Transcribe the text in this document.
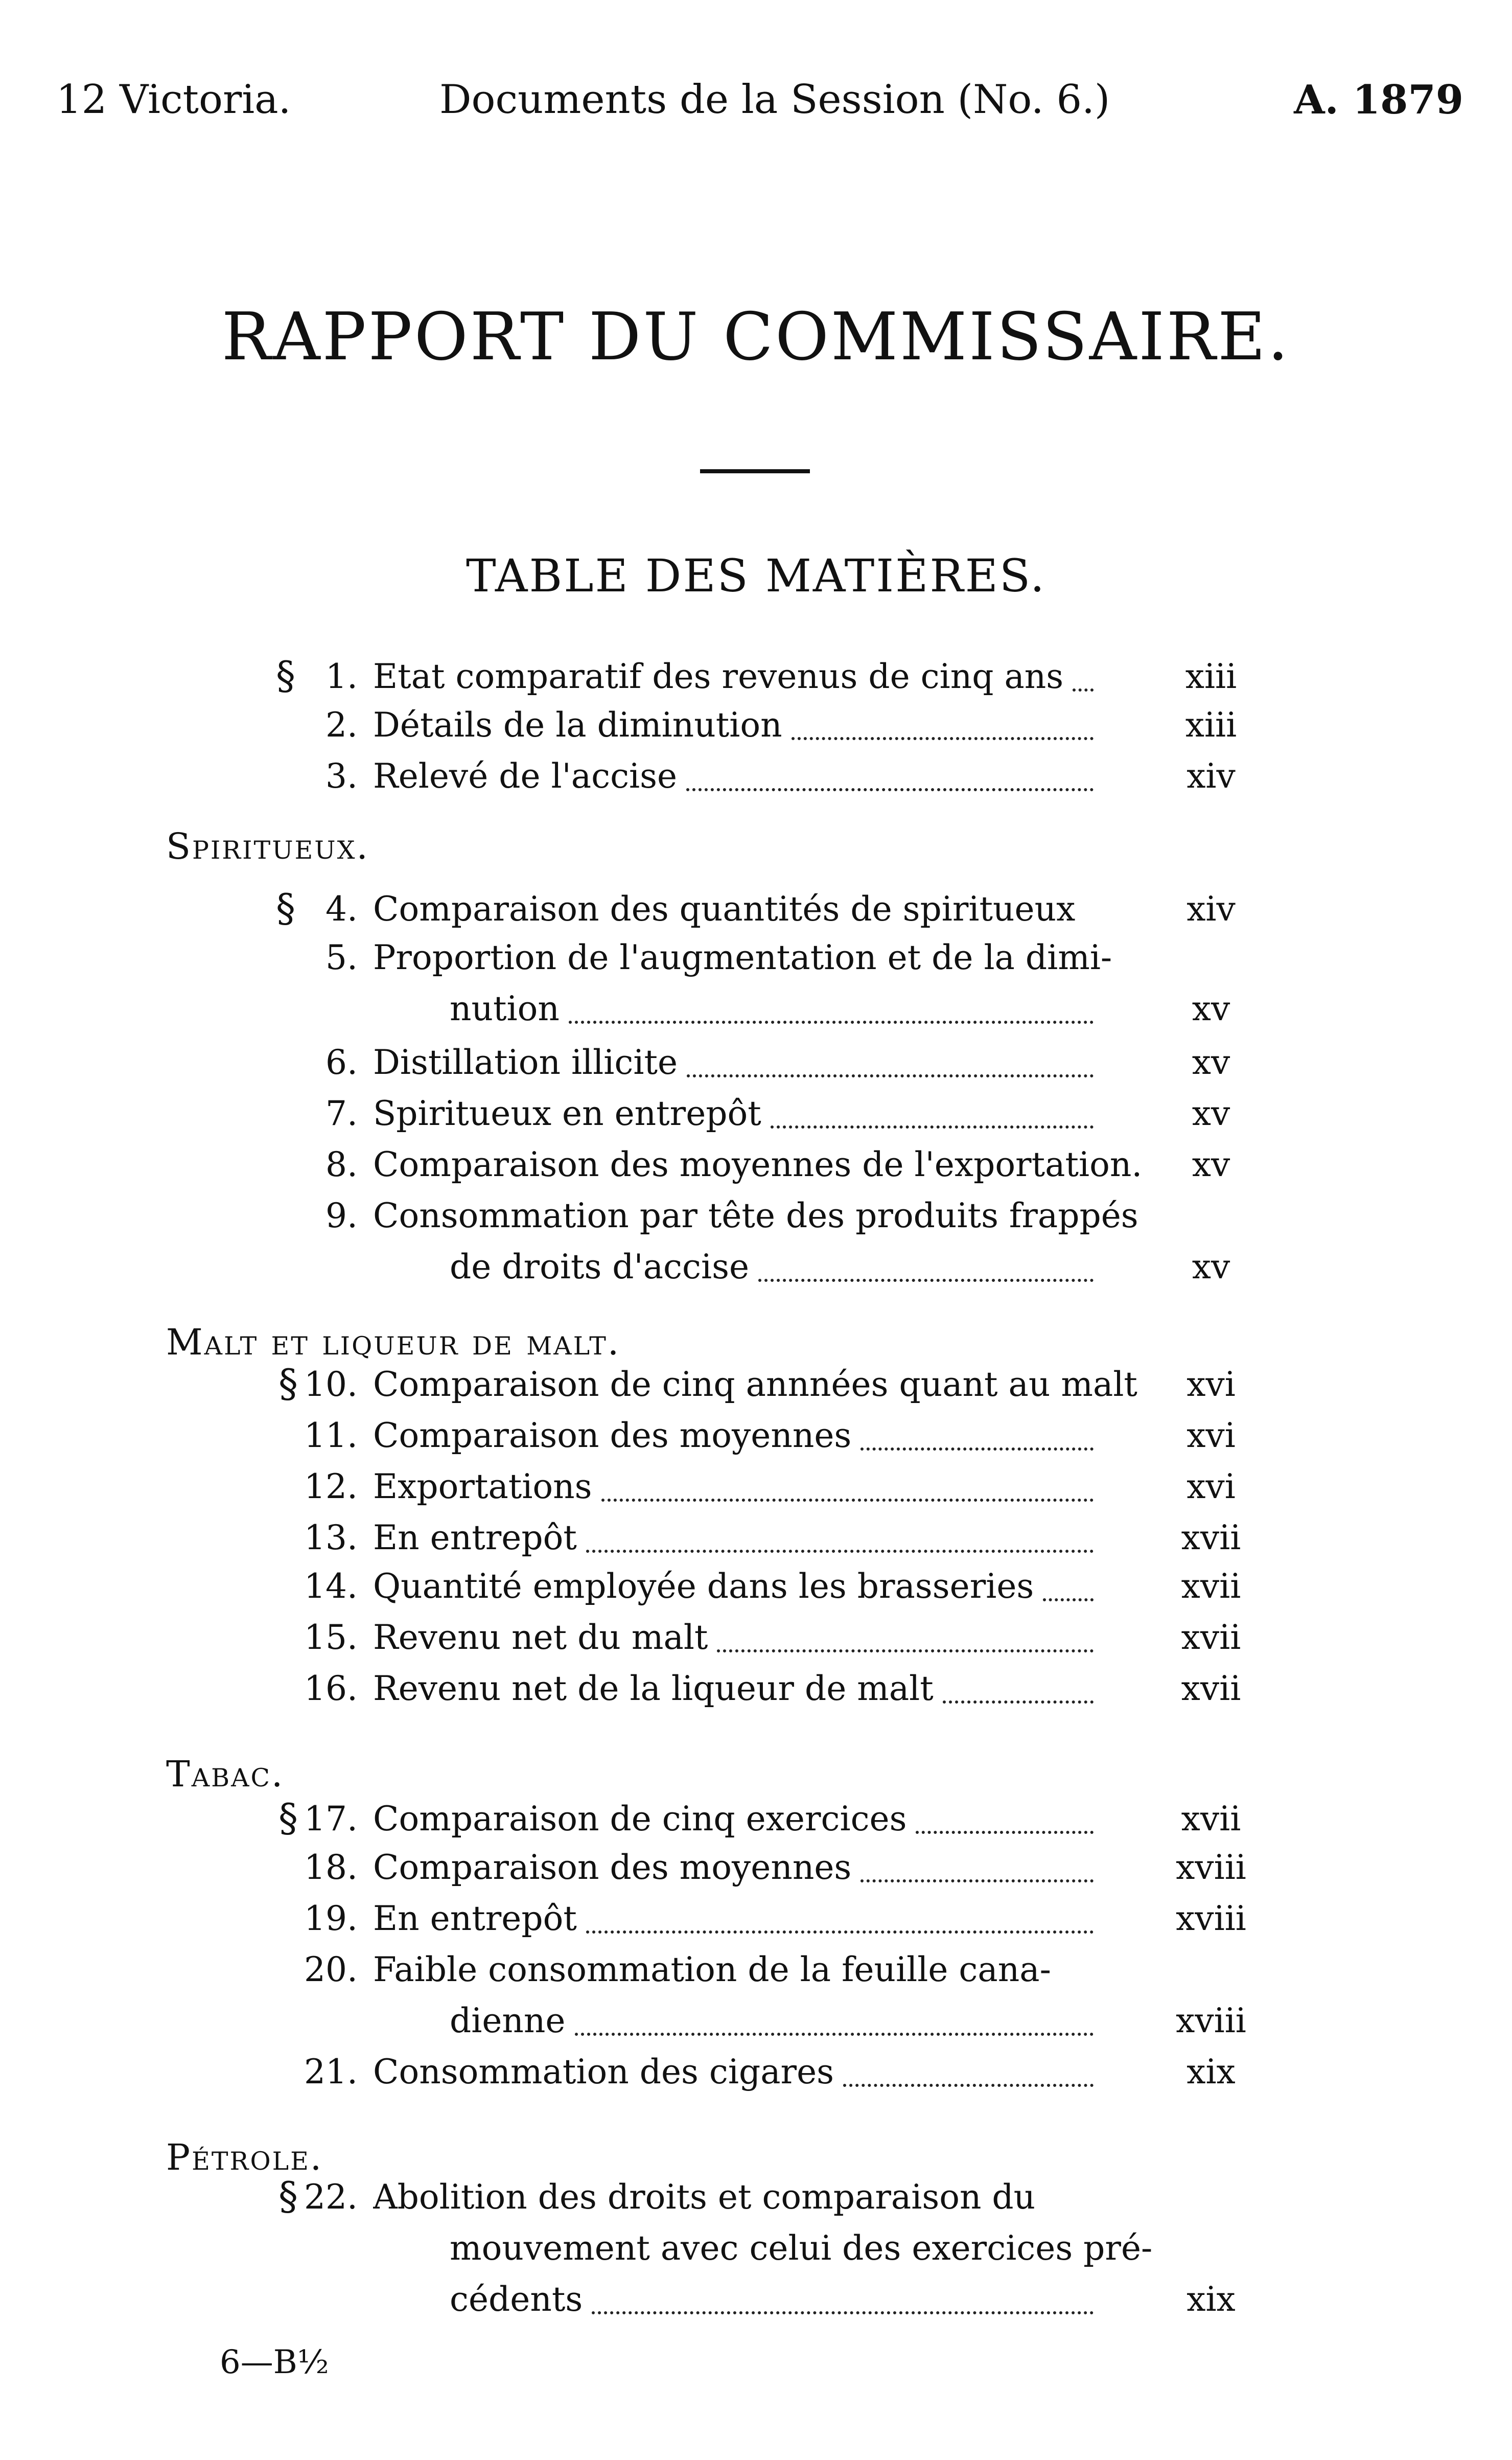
12 Victoria.	Documents de la Session (No. 6.)	A. 1879
RAPPORT DU COMMISSAIRE.
TABLE DES MATIÈRES.
Spiritueux.
Malt et liqueur de malt.
Tabac.
Pétrole.
§ 1. Etat comparatif des revenus de cinq ans	xiii
2. Détails de la diminution	xiii
3. Relevé de l'accise	xiv
§ 4. Comparaison des quantités de spiritueux	xiv
5. Proportion de l'augmentation et de la dimi-
nution	xv
6. Distillation illicite	xv
7. Spiritueux en entrepôt	xv
8. Comparaison des moyennes de l'exportation.	xv
9. Consommation par tête des produits frappés
de droits d'accise	xv
§ 10. Comparaison de cinq annnées quant au malt	xvi
11. Comparaison des moyennes	xvi
12. Exportations	xvi
13. En entrepôt	xvii
14. Quantité employée dans les brasseries	xvii
15. Revenu net du malt	xvii
16. Revenu net de la liqueur de malt	xvii
§ 17. Comparaison de cinq exercices	xvii
18. Comparaison des moyennes	xviii
19. En entrepôt	xviii
20. Faible consommation de la feuille cana-
dienne	xviii
21. Consommation des cigares	xix
§ 22. Abolition des droits et comparaison du
mouvement avec celui des exercices pré-
cédents	xix
6—B½
